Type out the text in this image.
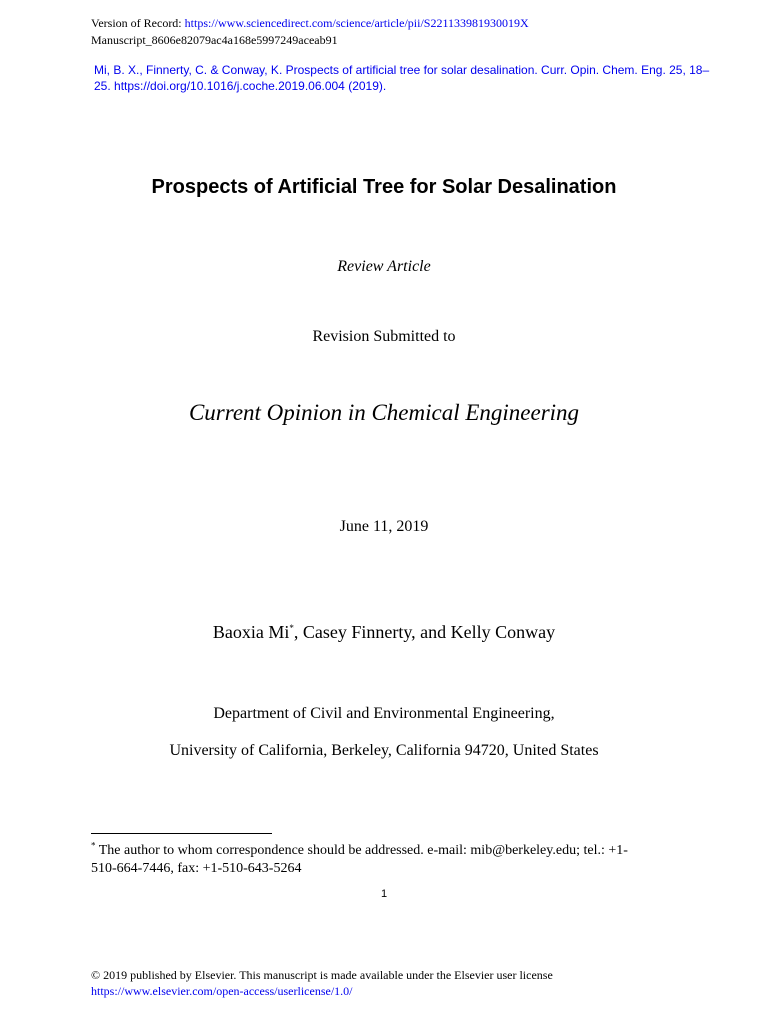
Version of Record: https://www.sciencedirect.com/science/article/pii/S221133981930019X
Manuscript_8606e82079ac4a168e5997249aceab91
Mi, B. X., Finnerty, C. & Conway, K. Prospects of artificial tree for solar desalination. Curr. Opin. Chem. Eng. 25, 18–
25. https://doi.org/10.1016/j.coche.2019.06.004 (2019).
Prospects of Artificial Tree for Solar Desalination
Review Article
Revision Submitted to
Current Opinion in Chemical Engineering
June 11, 2019
Baoxia Mi*, Casey Finnerty, and Kelly Conway
Department of Civil and Environmental Engineering,
University of California, Berkeley, California 94720, United States
* The author to whom correspondence should be addressed. e-mail: mib@berkeley.edu; tel.: +1-
510-664-7446, fax: +1-510-643-5264
1
© 2019 published by Elsevier. This manuscript is made available under the Elsevier user license
https://www.elsevier.com/open-access/userlicense/1.0/
